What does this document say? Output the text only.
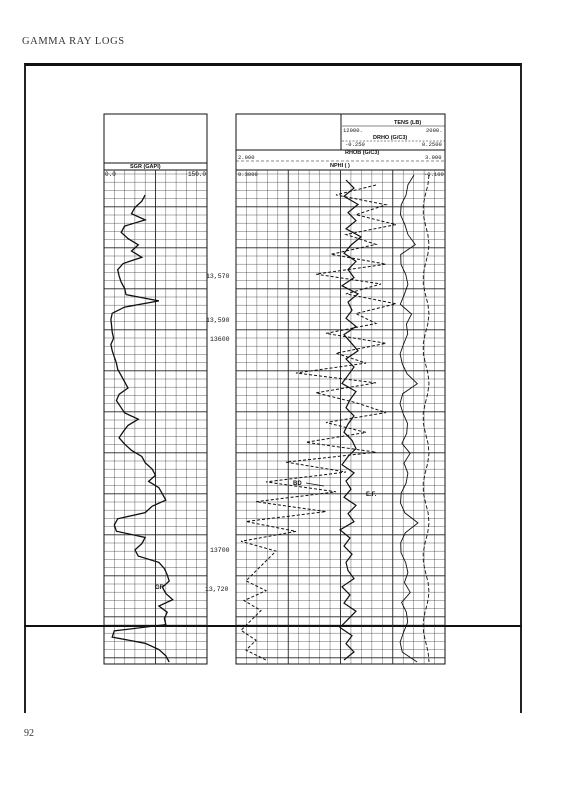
GAMMA RAY LOGS
SGR (GAPI)
0.0	150.0
GR
13,570
13,590
13600
13700
13,720
TENS (LB)
12000.	2000.
DRHO (G/C3)
-0.250	0.2500
RHOB (G/C3)
2.000	3.000
NPHI ( )
0.3000	-0.100
BD
E.F.
92
